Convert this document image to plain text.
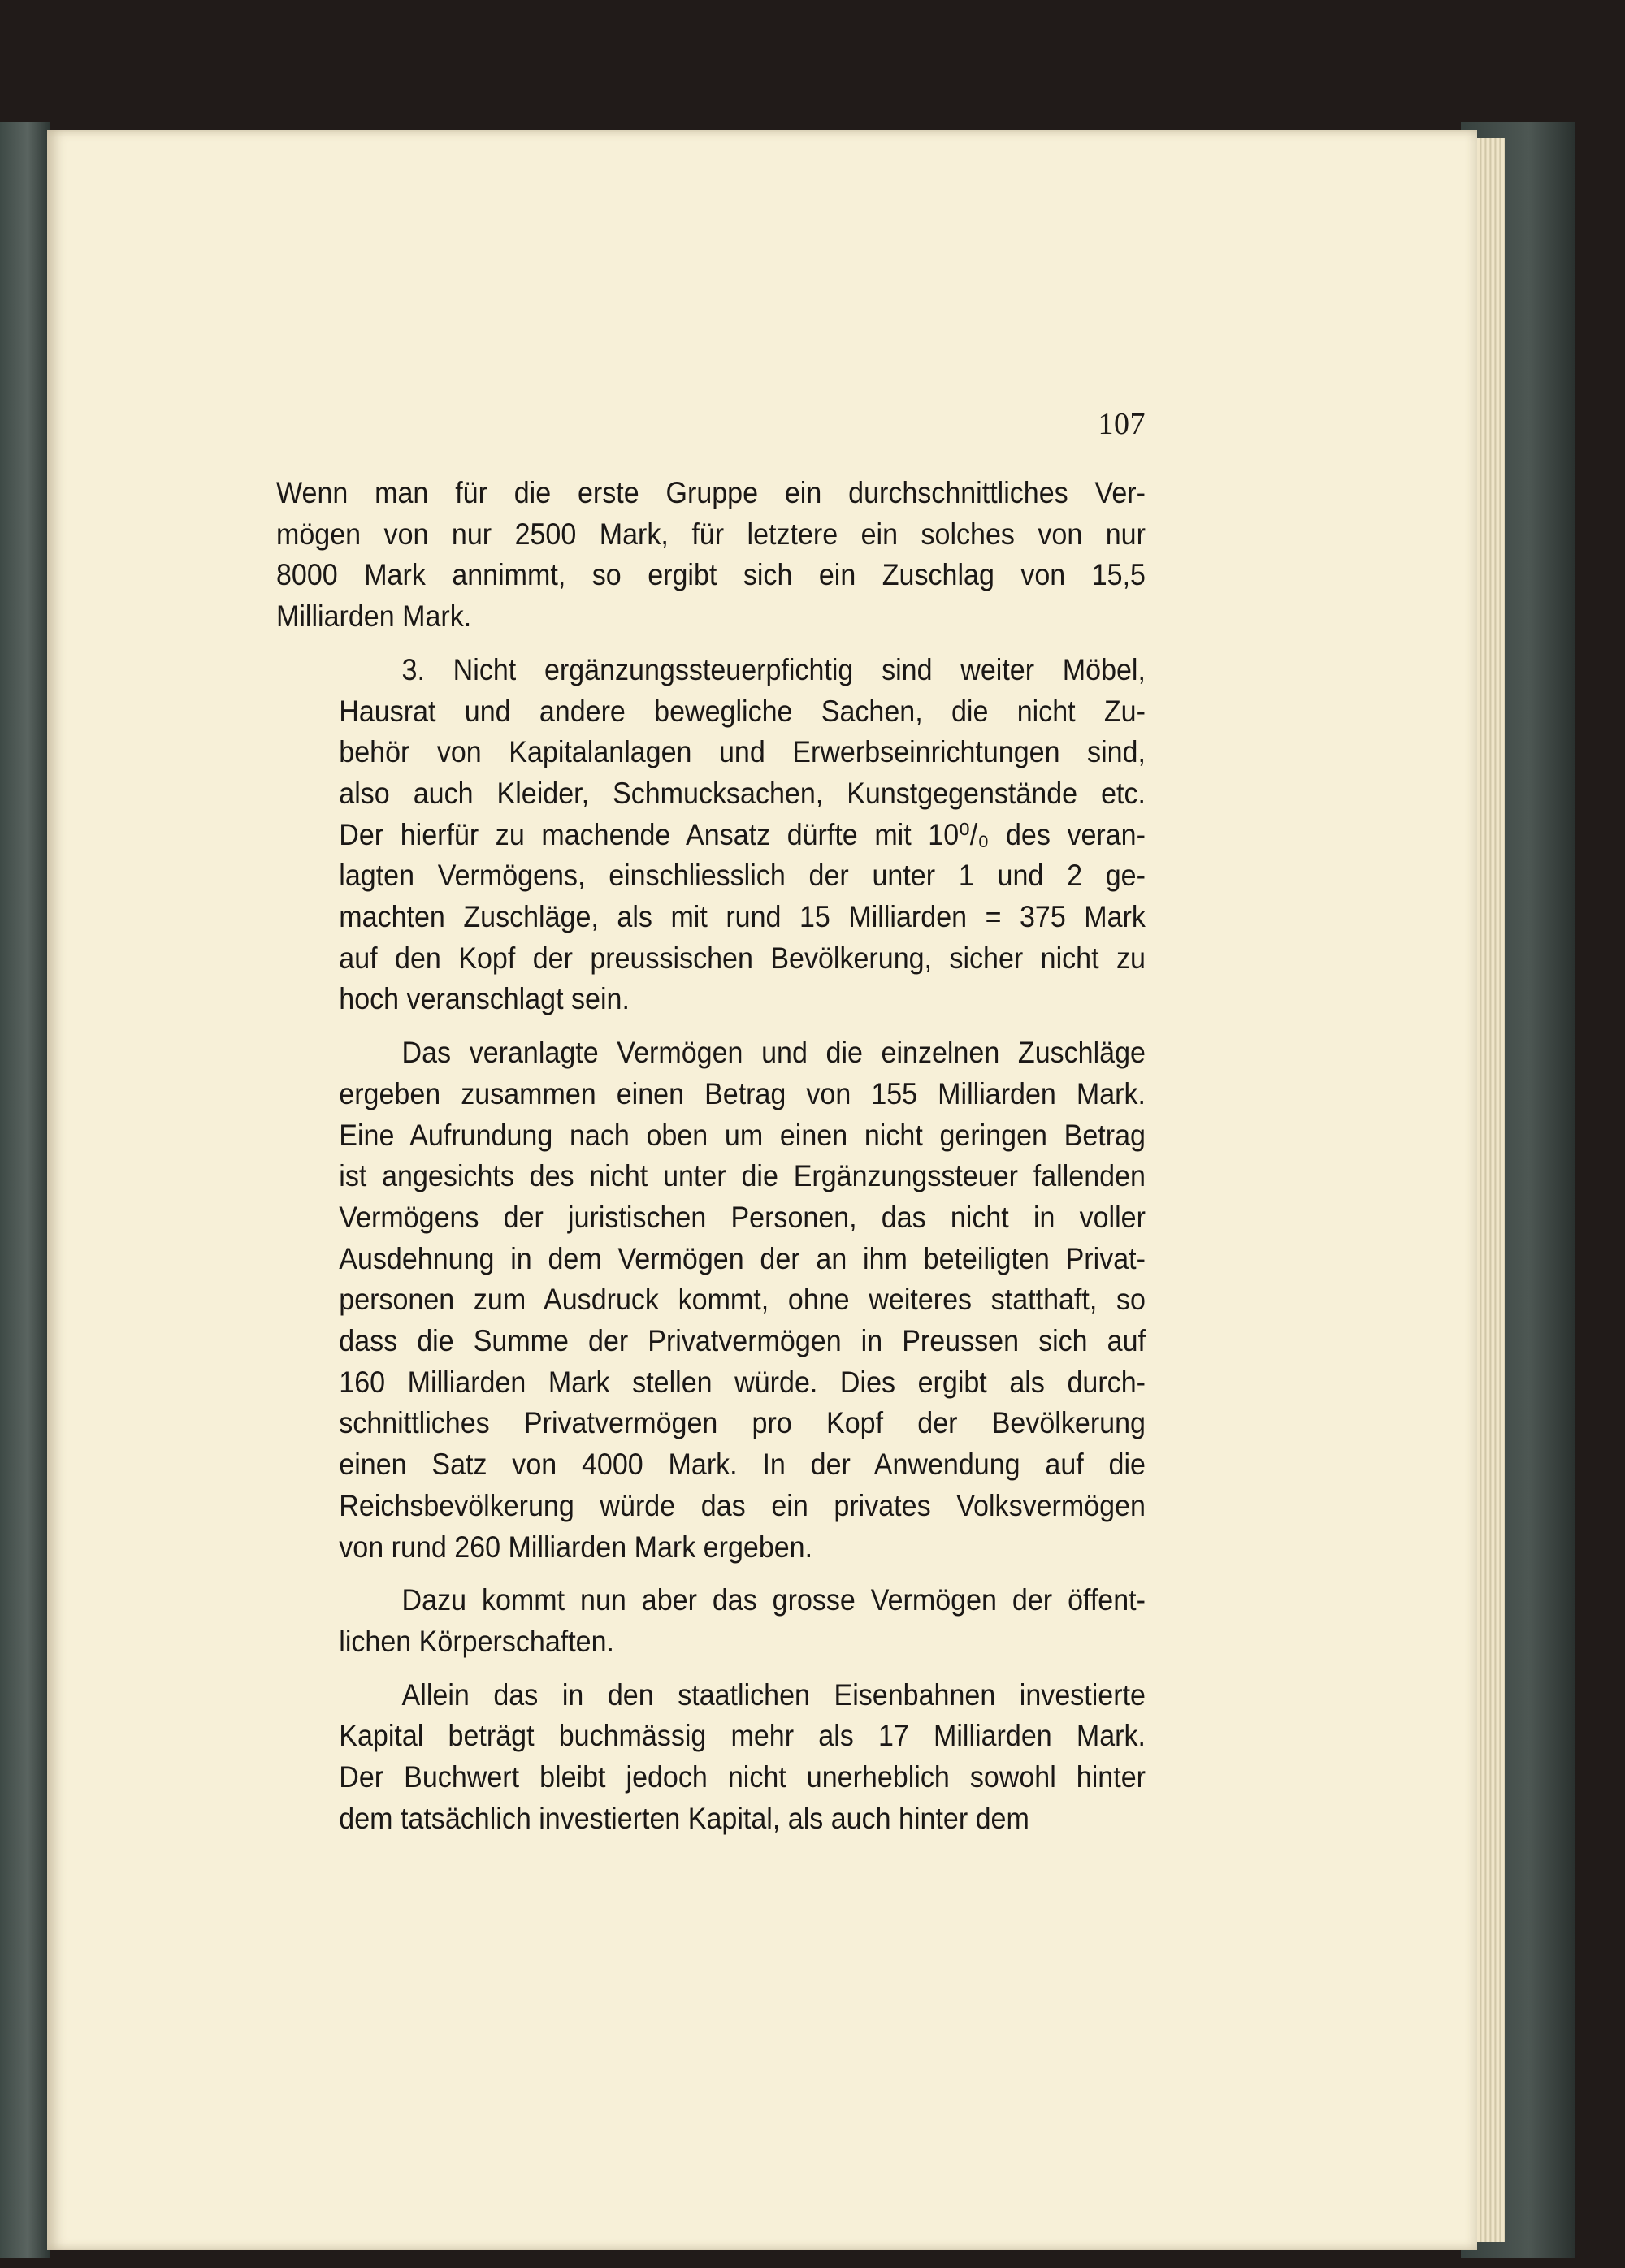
107
Wenn man für die erste Gruppe ein durchschnittliches Ver-
mögen von nur 2500 Mark, für letztere ein solches von nur
8000 Mark annimmt, so ergibt sich ein Zuschlag von 15,5
Milliarden Mark.
3. Nicht ergänzungssteuerpfichtig sind weiter Möbel,
Hausrat und andere bewegliche Sachen, die nicht Zu-
behör von Kapitalanlagen und Erwerbseinrichtungen sind,
also auch Kleider, Schmucksachen, Kunstgegenstände etc.
Der hierfür zu machende Ansatz dürfte mit 10⁰/₀ des veran-
lagten Vermögens, einschliesslich der unter 1 und 2 ge-
machten Zuschläge, als mit rund 15 Milliarden = 375 Mark
auf den Kopf der preussischen Bevölkerung, sicher nicht zu
hoch veranschlagt sein.
Das veranlagte Vermögen und die einzelnen Zuschläge
ergeben zusammen einen Betrag von 155 Milliarden Mark.
Eine Aufrundung nach oben um einen nicht geringen Betrag
ist angesichts des nicht unter die Ergänzungssteuer fallenden
Vermögens der juristischen Personen, das nicht in voller
Ausdehnung in dem Vermögen der an ihm beteiligten Privat-
personen zum Ausdruck kommt, ohne weiteres statthaft, so
dass die Summe der Privatvermögen in Preussen sich auf
160 Milliarden Mark stellen würde. Dies ergibt als durch-
schnittliches Privatvermögen pro Kopf der Bevölkerung
einen Satz von 4000 Mark. In der Anwendung auf die
Reichsbevölkerung würde das ein privates Volksvermögen
von rund 260 Milliarden Mark ergeben.
Dazu kommt nun aber das grosse Vermögen der öffent-
lichen Körperschaften.
Allein das in den staatlichen Eisenbahnen investierte
Kapital beträgt buchmässig mehr als 17 Milliarden Mark.
Der Buchwert bleibt jedoch nicht unerheblich sowohl hinter
dem tatsächlich investierten Kapital, als auch hinter dem
